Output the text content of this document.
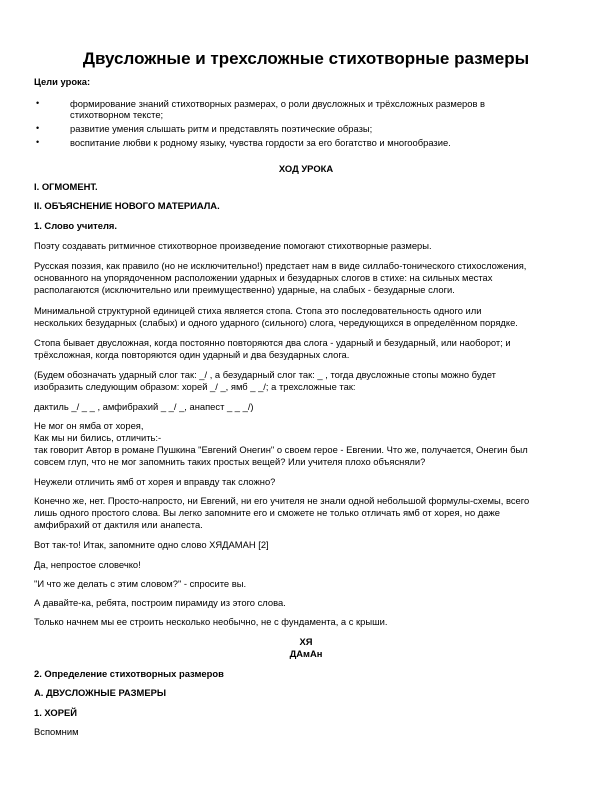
Двусложные и трехсложные стихотворные размеры
Цели урока:
•	формирование знаний стихотворных размерах, о роли двусложных и трёхсложных размеров в
стихотворном тексте;
•	развитие умения слышать ритм и представлять поэтические образы;
•	воспитание любви к родному языку, чувства гордости за его богатство и многообразие.
ХОД УРОКА
I. ОГМОМЕНТ.
II. ОБЪЯСНЕНИЕ НОВОГО МАТЕРИАЛА.
1. Слово учителя.
Поэту создавать ритмичное стихотворное произведение помогают стихотворные размеры.
Русская поэзия, как правило (но не исключительно!) предстает нам в виде силлабо-тонического стихосложения,
основанного на упорядоченном расположении ударных и безударных слогов в стихе: на сильных местах
располагаются (исключительно или преимущественно) ударные, на слабых - безударные слоги.
Минимальной структурной единицей стиха является стопа. Стопа это последовательность одного или
нескольких безударных (слабых) и одного ударного (сильного) слога, чередующихся в определённом порядке.
Стопа бывает двусложная, когда постоянно повторяются два слога - ударный и безударный, или наоборот; и
трёхсложная, когда повторяются один ударный и два безударных слога.
(Будем обозначать ударный слог так: _/ , а безударный слог так: _ , тогда двусложные стопы можно будет
изобразить следующим образом: хорей _/ _, ямб _ _/; а трехсложные так:
дактиль _/ _ _ , амфибрахий _ _/ _, анапест _ _ _/)
Не мог он ямба от хорея,
Как мы ни бились, отличить:-
так говорит Автор в романе Пушкина "Евгений Онегин" о своем герое - Евгении. Что же, получается, Онегин был
совсем глуп, что не мог запомнить таких простых вещей? Или учителя плохо объясняли?
Неужели отличить ямб от хорея и вправду так сложно?
Конечно же, нет. Просто-напросто, ни Евгений, ни его учителя не знали одной небольшой формулы-схемы, всего
лишь одного простого слова. Вы легко запомните его и сможете не только отличать ямб от хорея, но даже
амфибрахий от дактиля или анапеста.
Вот так-то! Итак, запомните одно слово ХЯДАМАН [2]
Да, непростое словечко!
"И что же делать с этим словом?" - спросите вы.
А давайте-ка, ребята, построим пирамиду из этого слова.
Только начнем мы ее строить несколько необычно, не с фундамента, а с крыши.
ХЯ
ДАмАн
2. Определение стихотворных размеров
А. ДВУСЛОЖНЫЕ РАЗМЕРЫ
1. ХОРЕЙ
Вспомним
